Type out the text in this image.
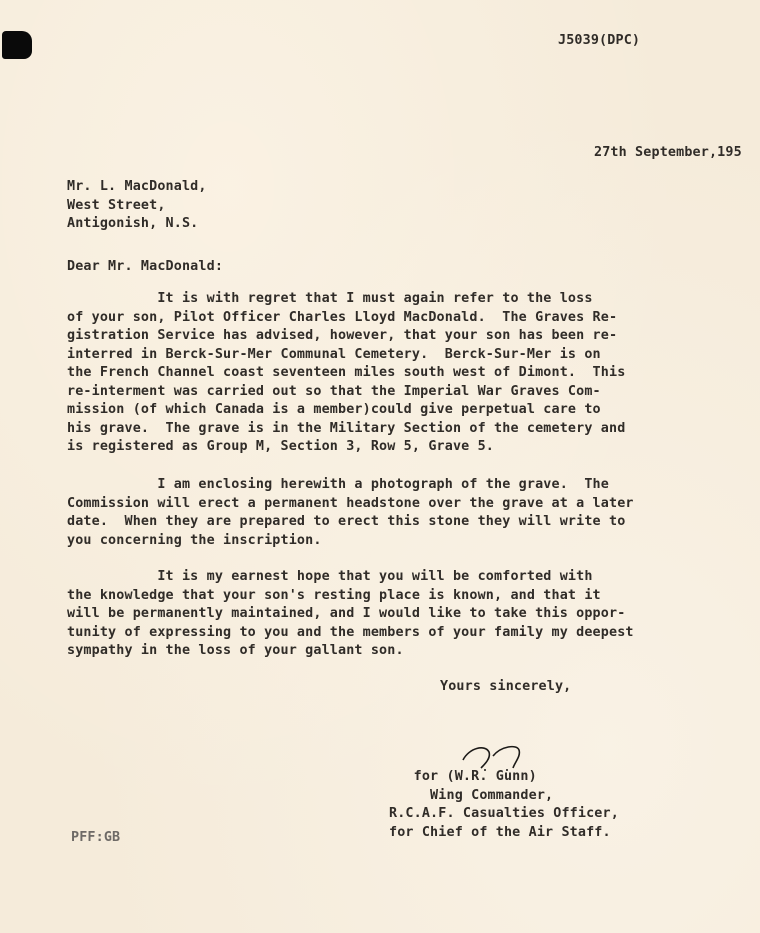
J5039(DPC)
27th September,195
Mr. L. MacDonald,
West Street,
Antigonish, N.S.
Dear Mr. MacDonald:
It is with regret that I must again refer to the loss
of your son, Pilot Officer Charles Lloyd MacDonald.  The Graves Re-
gistration Service has advised, however, that your son has been re-
interred in Berck-Sur-Mer Communal Cemetery.  Berck-Sur-Mer is on
the French Channel coast seventeen miles south west of Dimont.  This
re-interment was carried out so that the Imperial War Graves Com-
mission (of which Canada is a member)could give perpetual care to
his grave.  The grave is in the Military Section of the cemetery and
is registered as Group M, Section 3, Row 5, Grave 5.
I am enclosing herewith a photograph of the grave.  The
Commission will erect a permanent headstone over the grave at a later
date.  When they are prepared to erect this stone they will write to
you concerning the inscription.
It is my earnest hope that you will be comforted with
the knowledge that your son's resting place is known, and that it
will be permanently maintained, and I would like to take this oppor-
tunity of expressing to you and the members of your family my deepest
sympathy in the loss of your gallant son.
Yours sincerely,
for (W.R. Gunn)
Wing Commander,
R.C.A.F. Casualties Officer,
for Chief of the Air Staff.
PFF:GB
